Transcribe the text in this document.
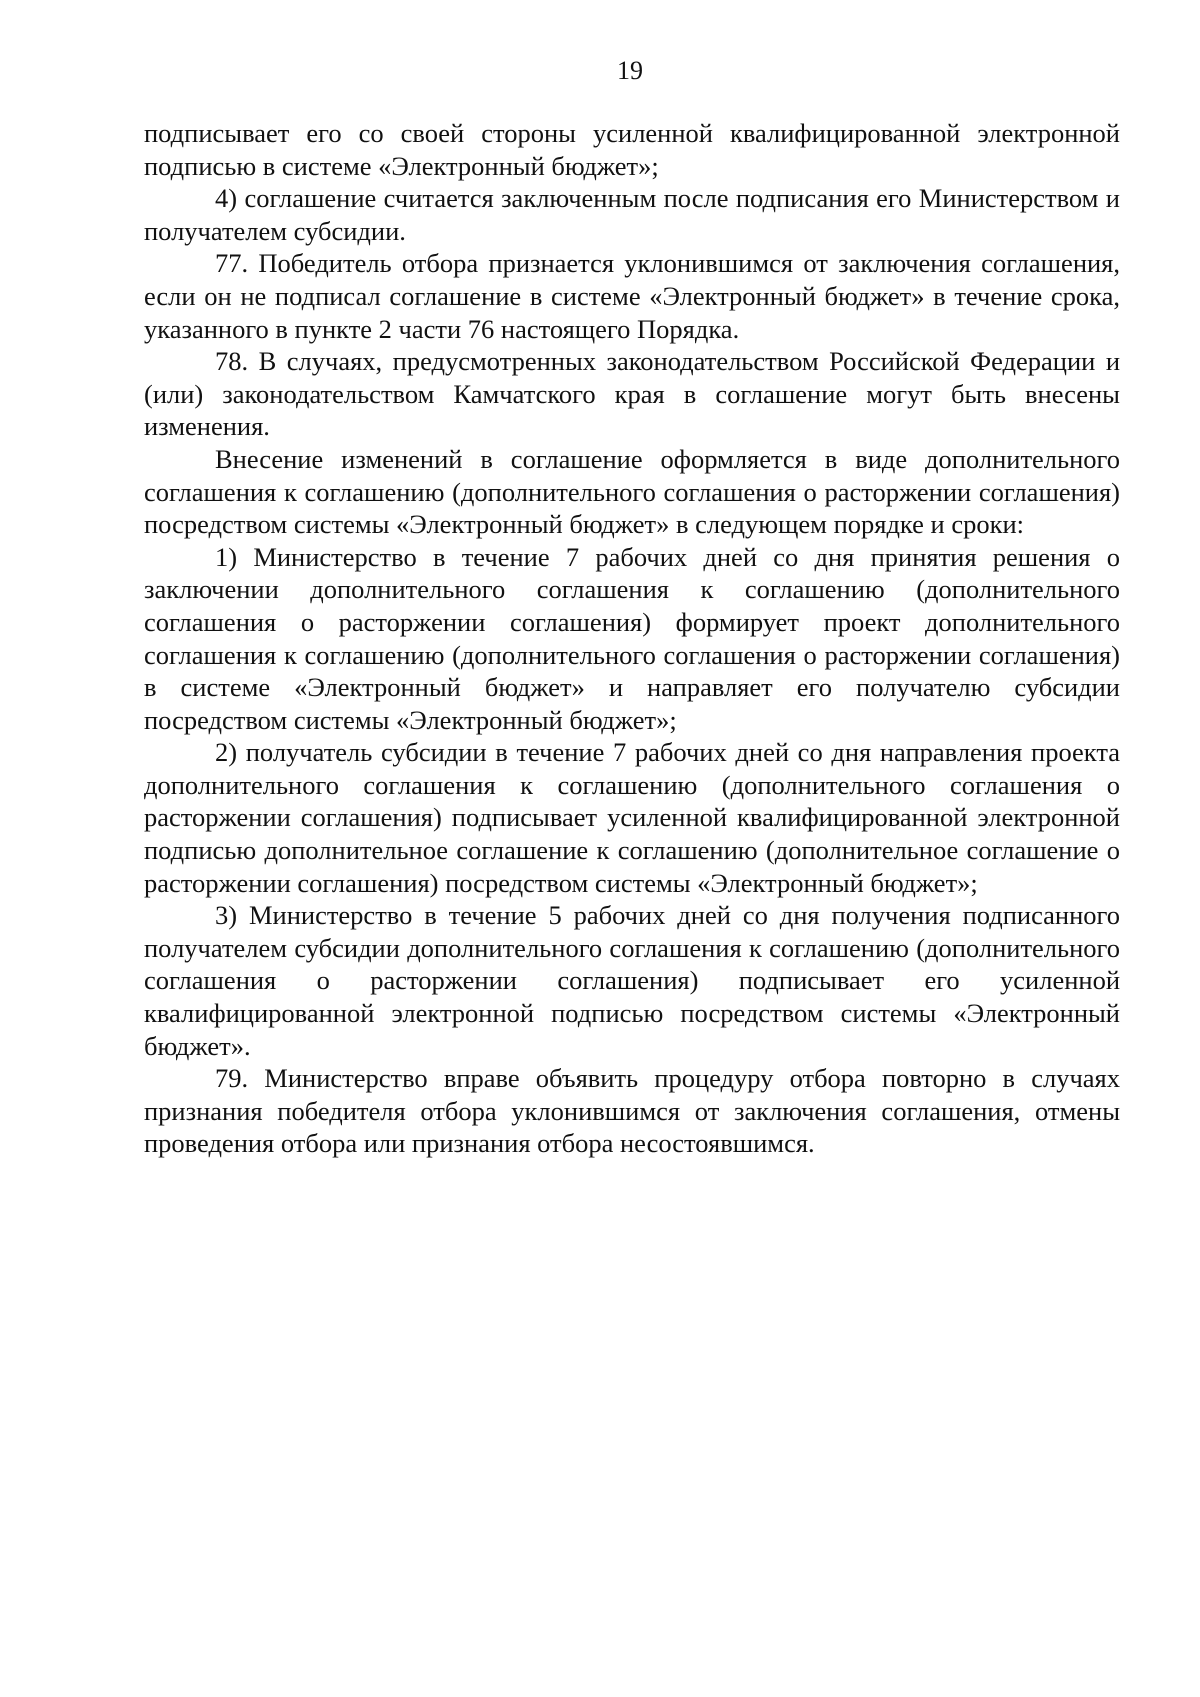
19

подписывает его со своей стороны усиленной квалифицированной электронной подписью в системе «Электронный бюджет»;

4) соглашение считается заключенным после подписания его Министерством и получателем субсидии.

77. Победитель отбора признается уклонившимся от заключения соглашения, если он не подписал соглашение в системе «Электронный бюджет» в течение срока, указанного в пункте 2 части 76 настоящего Порядка.

78. В случаях, предусмотренных законодательством Российской Федерации и (или) законодательством Камчатского края в соглашение могут быть внесены изменения.

Внесение изменений в соглашение оформляется в виде дополнительного соглашения к соглашению (дополнительного соглашения о расторжении соглашения) посредством системы «Электронный бюджет» в следующем порядке и сроки:

1) Министерство в течение 7 рабочих дней со дня принятия решения о заключении дополнительного соглашения к соглашению (дополнительного соглашения о расторжении соглашения) формирует проект дополнительного соглашения к соглашению (дополнительного соглашения о расторжении соглашения) в системе «Электронный бюджет» и направляет его получателю субсидии посредством системы «Электронный бюджет»;

2) получатель субсидии в течение 7 рабочих дней со дня направления проекта дополнительного соглашения к соглашению (дополнительного соглашения о расторжении соглашения) подписывает усиленной квалифицированной электронной подписью дополнительное соглашение к соглашению (дополнительное соглашение о расторжении соглашения) посредством системы «Электронный бюджет»;

3) Министерство в течение 5 рабочих дней со дня получения подписанного получателем субсидии дополнительного соглашения к соглашению (дополнительного соглашения о расторжении соглашения) подписывает его усиленной квалифицированной электронной подписью посредством системы «Электронный бюджет».

79. Министерство вправе объявить процедуру отбора повторно в случаях признания победителя отбора уклонившимся от заключения соглашения, отмены проведения отбора или признания отбора несостоявшимся.
